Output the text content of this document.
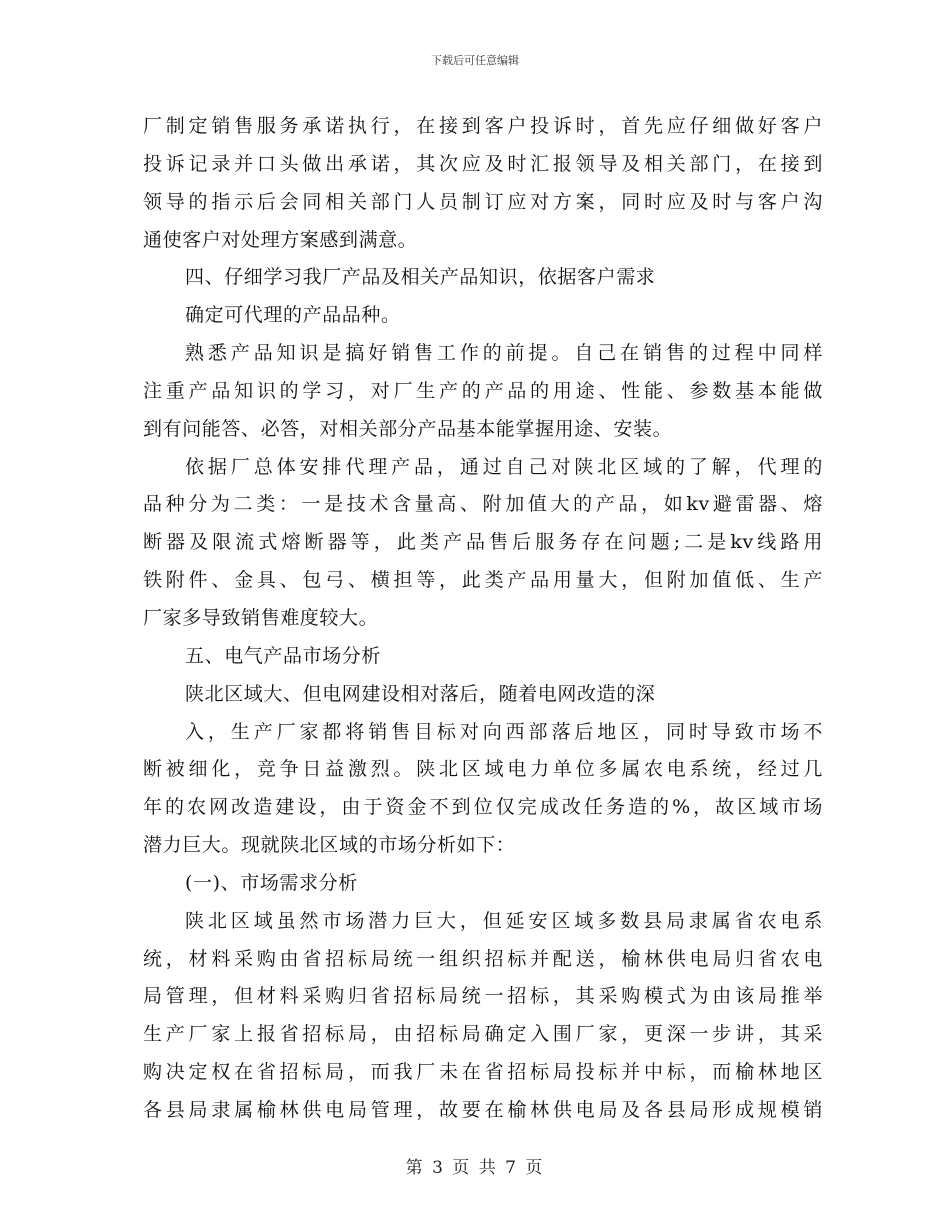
下载后可任意编辑
厂制定销售服务承诺执行，在接到客户投诉时，首先应仔细做好客户
投诉记录并口头做出承诺，其次应及时汇报领导及相关部门，在接到
领导的指示后会同相关部门人员制订应对方案，同时应及时与客户沟
通使客户对处理方案感到满意。
四、仔细学习我厂产品及相关产品知识，依据客户需求
确定可代理的产品品种。
熟悉产品知识是搞好销售工作的前提。自己在销售的过程中同样
注重产品知识的学习，对厂生产的产品的用途、性能、参数基本能做
到有问能答、必答，对相关部分产品基本能掌握用途、安装。
依据厂总体安排代理产品，通过自己对陕北区域的了解，代理的
品种分为二类：一是技术含量高、附加值大的产品，如kv避雷器、熔
断器及限流式熔断器等，此类产品售后服务存在问题;二是kv线路用
铁附件、金具、包弓、横担等，此类产品用量大，但附加值低、生产
厂家多导致销售难度较大。
五、电气产品市场分析
陕北区域大、但电网建设相对落后，随着电网改造的深
入，生产厂家都将销售目标对向西部落后地区，同时导致市场不
断被细化，竞争日益激烈。陕北区域电力单位多属农电系统，经过几
年的农网改造建设，由于资金不到位仅完成改任务造的%，故区域市场
潜力巨大。现就陕北区域的市场分析如下：
(一)、市场需求分析
陕北区域虽然市场潜力巨大，但延安区域多数县局隶属省农电系
统，材料采购由省招标局统一组织招标并配送，榆林供电局归省农电
局管理，但材料采购归省招标局统一招标，其采购模式为由该局推举
生产厂家上报省招标局，由招标局确定入围厂家，更深一步讲，其采
购决定权在省招标局，而我厂未在省招标局投标并中标，而榆林地区
各县局隶属榆林供电局管理，故要在榆林供电局及各县局形成规模销
第 3 页 共 7 页
